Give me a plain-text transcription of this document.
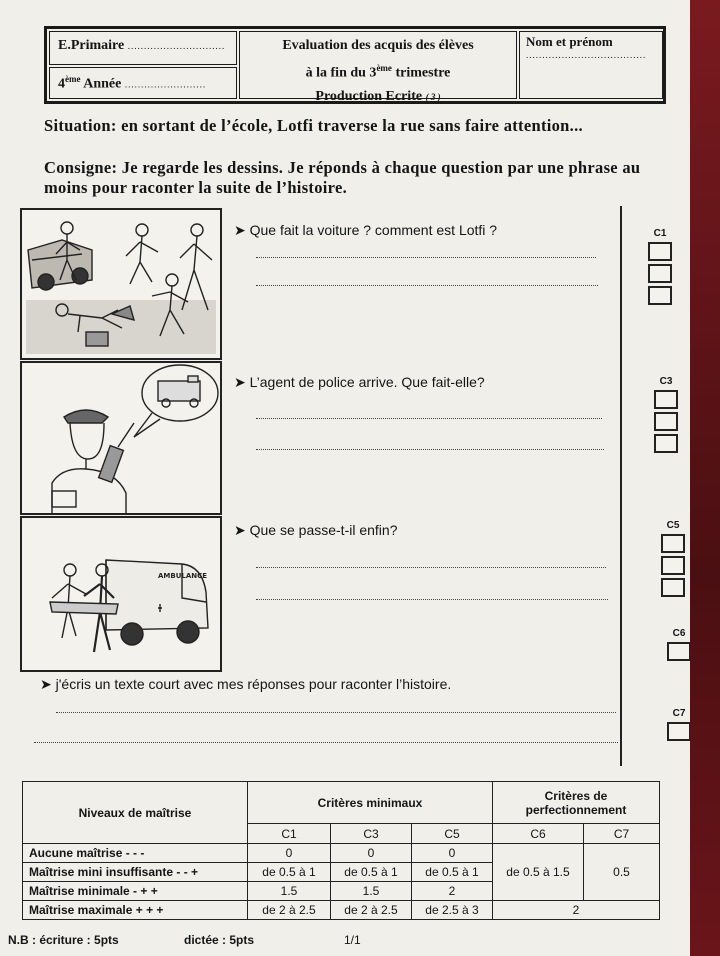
E.Primaire ..............................
4ème Année .........................
Evaluation des acquis des élèves
à la fin du 3ème trimestre
Production Ecrite ( 3 )
Nom et prénom
.....................................
Situation: en sortant de l’école, Lotfi traverse la rue sans faire attention...
Consigne: Je regarde les dessins. Je réponds à chaque question par une phrase au moins pour raconter la suite de l’histoire.
AMBULANCE
➤ Que fait la voiture ? comment est Lotfi ?
➤ L’agent de police arrive. Que fait-elle?
➤ Que se passe-t-il enfin?
C1
C3
C5
C6
C7
➤ j'écris un texte court avec mes réponses pour raconter l’histoire.
Niveaux de maîtrise	Critères minimaux			Critères de perfectionnement	
	C1	C3	C5	C6	C7
Aucune maîtrise - - -	0	0	0	de 0.5 à 1.5	0.5
Maîtrise mini insuffisante - - +	de 0.5 à 1	de 0.5 à 1	de 0.5 à 1		
Maîtrise minimale - + +	1.5	1.5	2		
Maîtrise maximale + + +	de 2 à 2.5	de 2 à 2.5	de 2.5 à 3	2	
N.B : écriture : 5pts	dictée : 5pts	1/1
